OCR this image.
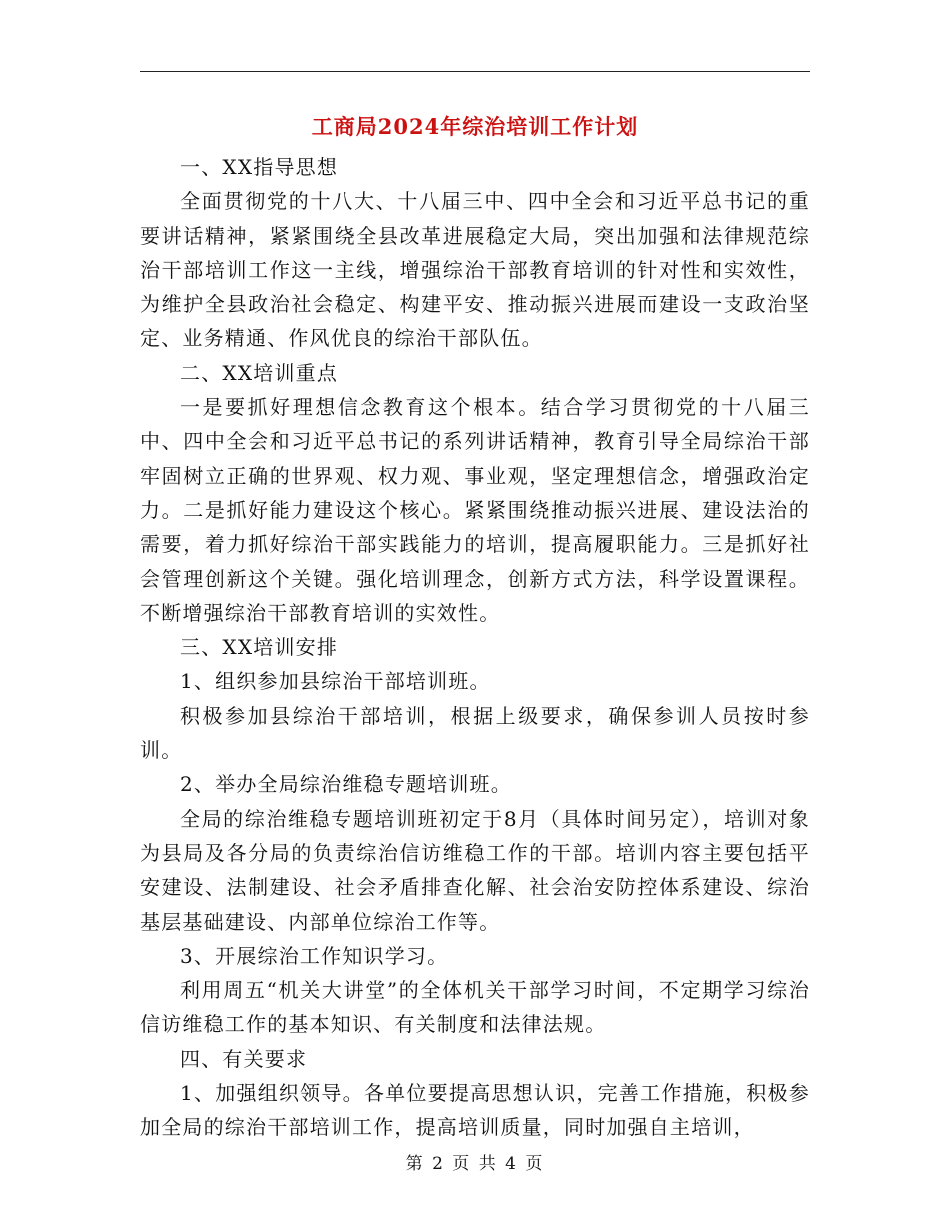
工商局2024年综治培训工作计划

一、XX指导思想

全面贯彻党的十八大、十八届三中、四中全会和习近平总书记的重要讲话精神，紧紧围绕全县改革进展稳定大局，突出加强和法律规范综治干部培训工作这一主线，增强综治干部教育培训的针对性和实效性，为维护全县政治社会稳定、构建平安、推动振兴进展而建设一支政治坚定、业务精通、作风优良的综治干部队伍。

二、XX培训重点

一是要抓好理想信念教育这个根本。结合学习贯彻党的十八届三中、四中全会和习近平总书记的系列讲话精神，教育引导全局综治干部牢固树立正确的世界观、权力观、事业观，坚定理想信念，增强政治定力。二是抓好能力建设这个核心。紧紧围绕推动振兴进展、建设法治的需要，着力抓好综治干部实践能力的培训，提高履职能力。三是抓好社会管理创新这个关键。强化培训理念，创新方式方法，科学设置课程。不断增强综治干部教育培训的实效性。

三、XX培训安排

1、组织参加县综治干部培训班。

积极参加县综治干部培训，根据上级要求，确保参训人员按时参训。

2、举办全局综治维稳专题培训班。

全局的综治维稳专题培训班初定于8月（具体时间另定），培训对象为县局及各分局的负责综治信访维稳工作的干部。培训内容主要包括平安建设、法制建设、社会矛盾排查化解、社会治安防控体系建设、综治基层基础建设、内部单位综治工作等。

3、开展综治工作知识学习。

利用周五“机关大讲堂”的全体机关干部学习时间，不定期学习综治信访维稳工作的基本知识、有关制度和法律法规。

四、有关要求

1、加强组织领导。各单位要提高思想认识，完善工作措施，积极参加全局的综治干部培训工作，提高培训质量，同时加强自主培训，

第 2 页 共 4 页
